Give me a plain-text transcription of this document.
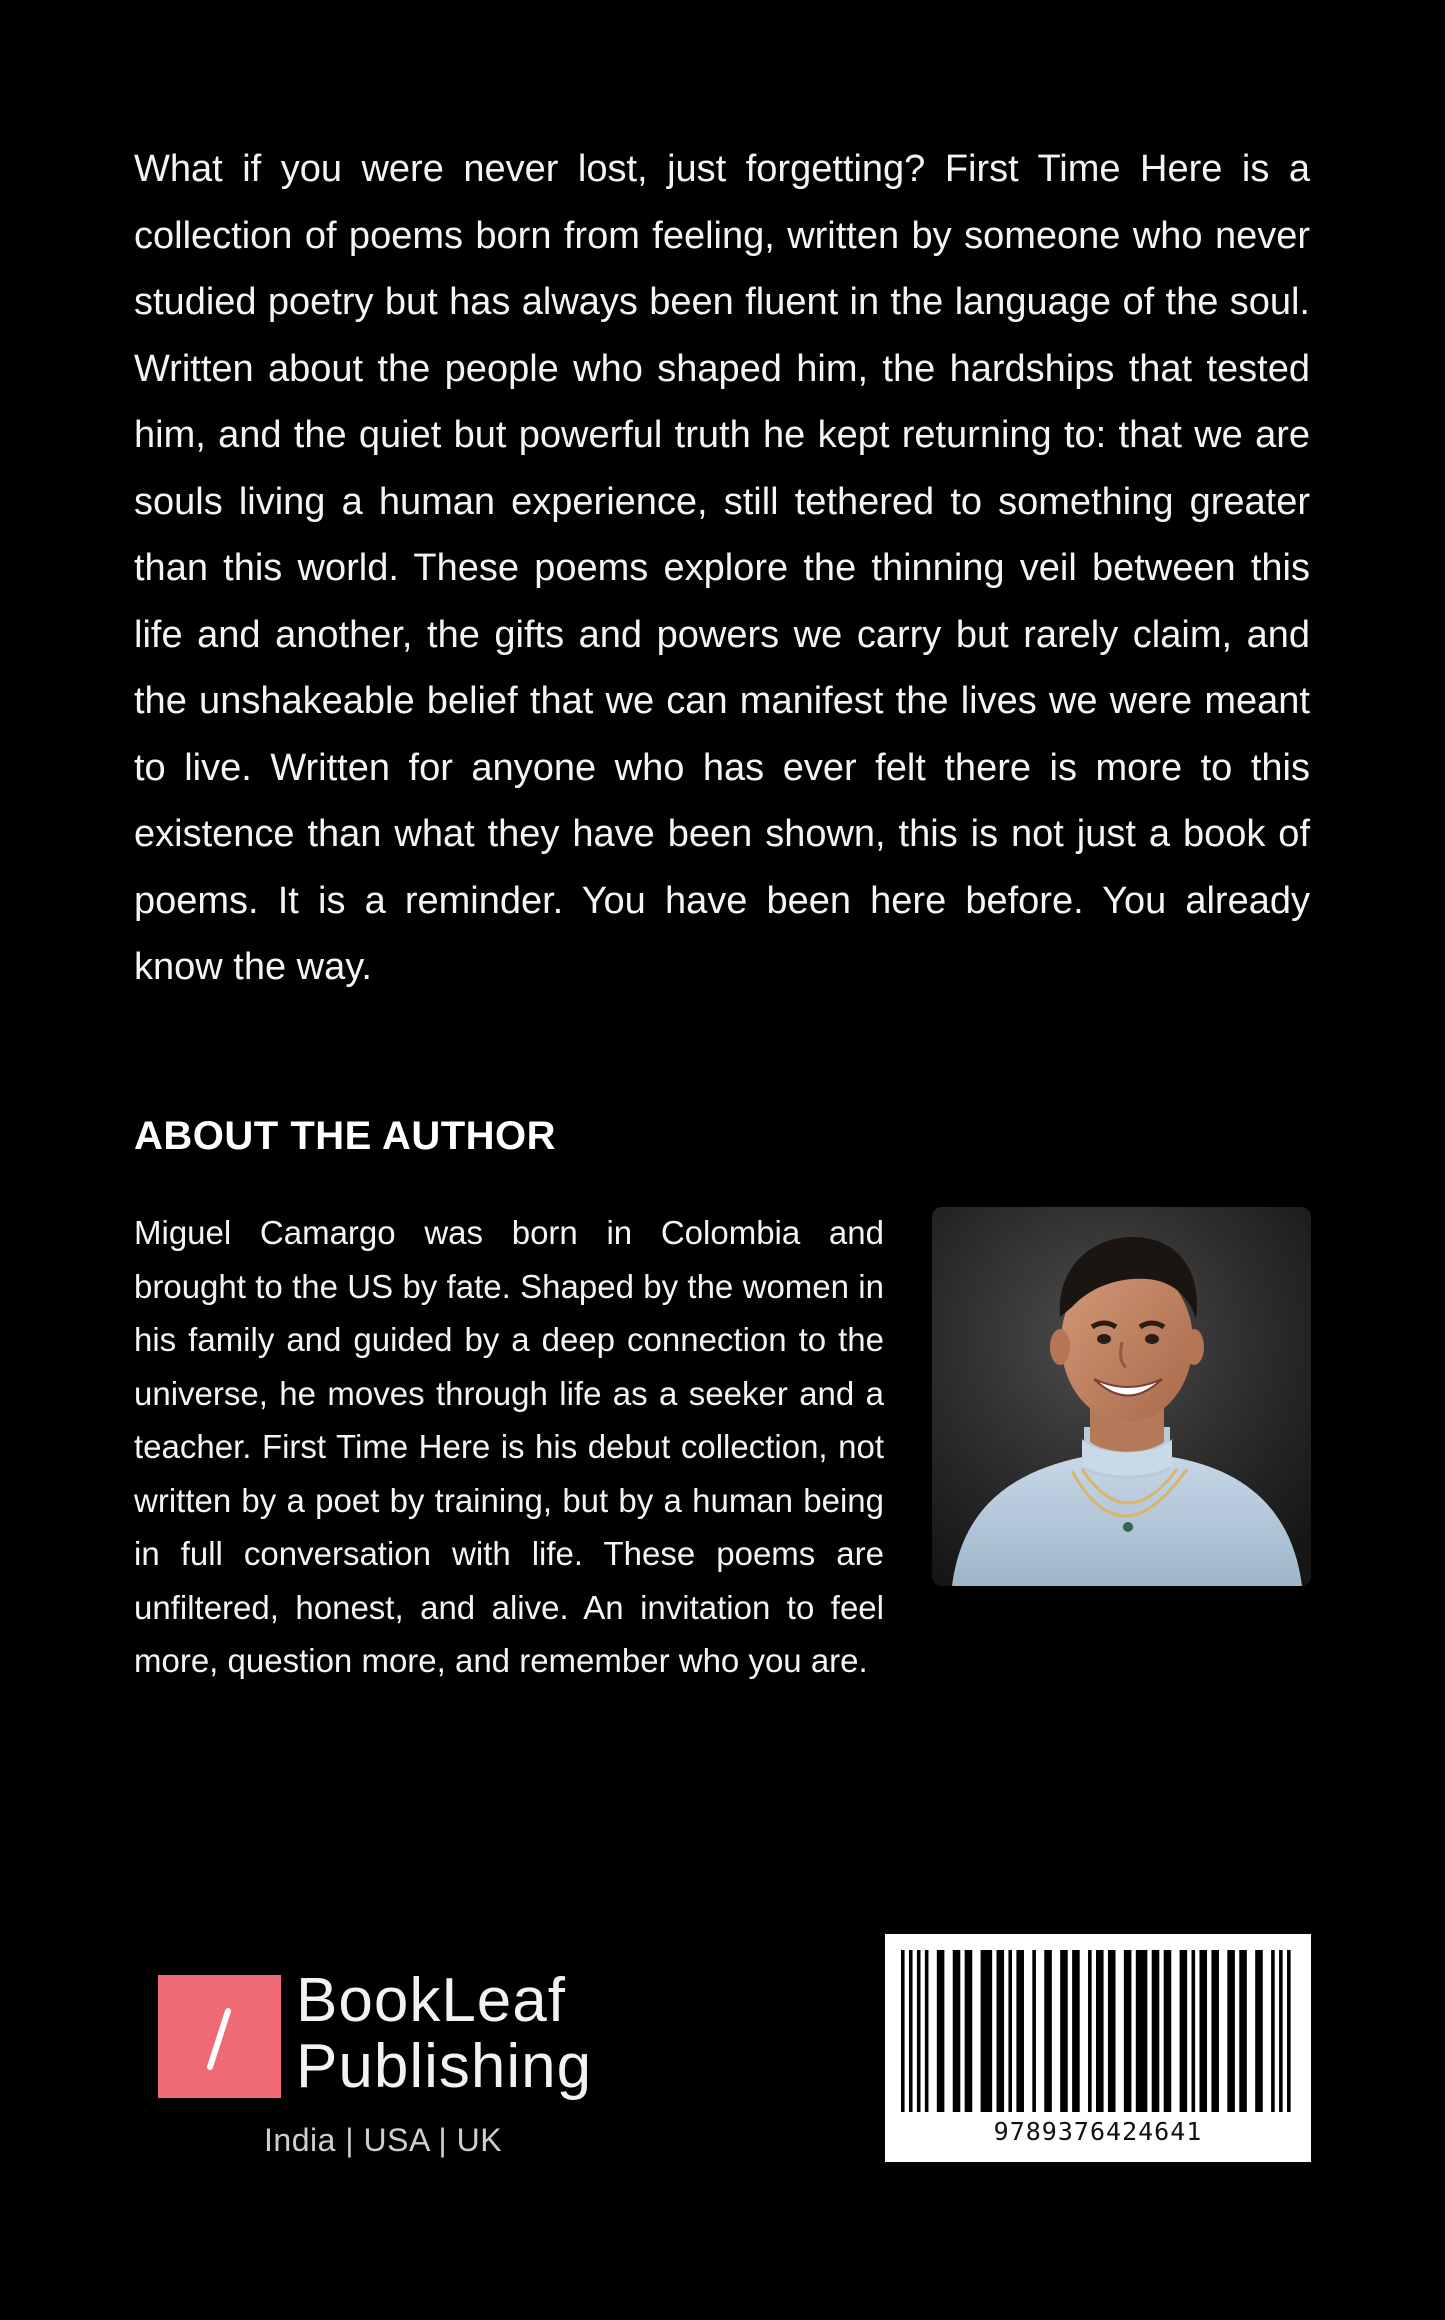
What if you were never lost, just forgetting? First Time Here is a collection of poems born from feeling, written by someone who never studied poetry but has always been fluent in the language of the soul. Written about the people who shaped him, the hardships that tested him, and the quiet but powerful truth he kept returning to: that we are souls living a human experience, still tethered to something greater than this world. These poems explore the thinning veil between this life and another, the gifts and powers we carry but rarely claim, and the unshakeable belief that we can manifest the lives we were meant to live. Written for anyone who has ever felt there is more to this existence than what they have been shown, this is not just a book of poems. It is a reminder. You have been here before. You already know the way.

ABOUT THE AUTHOR

Miguel Camargo was born in Colombia and brought to the US by fate. Shaped by the women in his family and guided by a deep connection to the universe, he moves through life as a seeker and a teacher. First Time Here is his debut collection, not written by a poet by training, but by a human being in full conversation with life. These poems are unfiltered, honest, and alive. An invitation to feel more, question more, and remember who you are.

BookLeaf
Publishing
India | USA | UK	9789376424641
